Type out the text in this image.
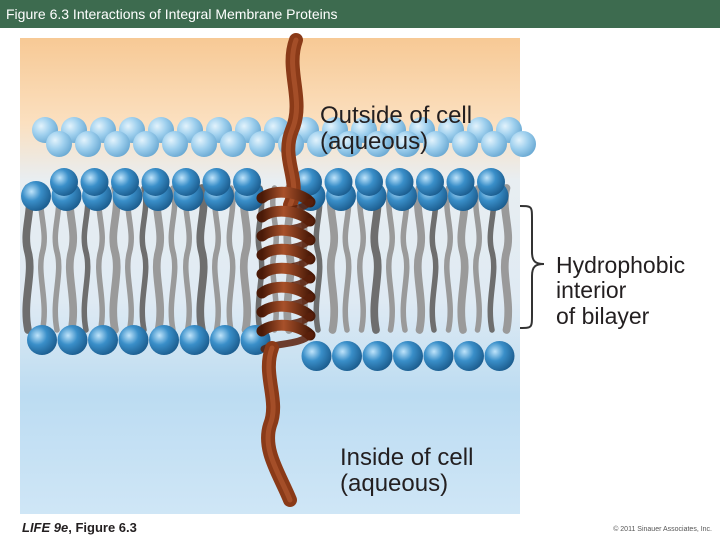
Figure 6.3 Interactions of Integral Membrane Proteins
Outside of cell
(aqueous)
Hydrophobic
interior
of bilayer
Inside of cell
(aqueous)
LIFE 9e, Figure 6.3	© 2011 Sinauer Associates, Inc.
